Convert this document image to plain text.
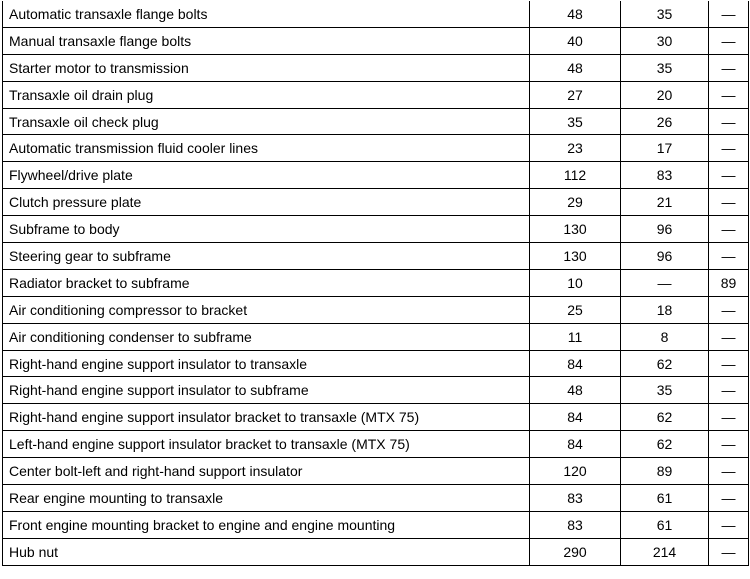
Automatic transaxle flange bolts	48	35	—
Manual transaxle flange bolts	40	30	—
Starter motor to transmission	48	35	—
Transaxle oil drain plug	27	20	—
Transaxle oil check plug	35	26	—
Automatic transmission fluid cooler lines	23	17	—
Flywheel/drive plate	112	83	—
Clutch pressure plate	29	21	—
Subframe to body	130	96	—
Steering gear to subframe	130	96	—
Radiator bracket to subframe	10	—	89
Air conditioning compressor to bracket	25	18	—
Air conditioning condenser to subframe	11	8	—
Right-hand engine support insulator to transaxle	84	62	—
Right-hand engine support insulator to subframe	48	35	—
Right-hand engine support insulator bracket to transaxle (MTX 75)	84	62	—
Left-hand engine support insulator bracket to transaxle (MTX 75)	84	62	—
Center bolt-left and right-hand support insulator	120	89	—
Rear engine mounting to transaxle	83	61	—
Front engine mounting bracket to engine and engine mounting	83	61	—
Hub nut	290	214	—
